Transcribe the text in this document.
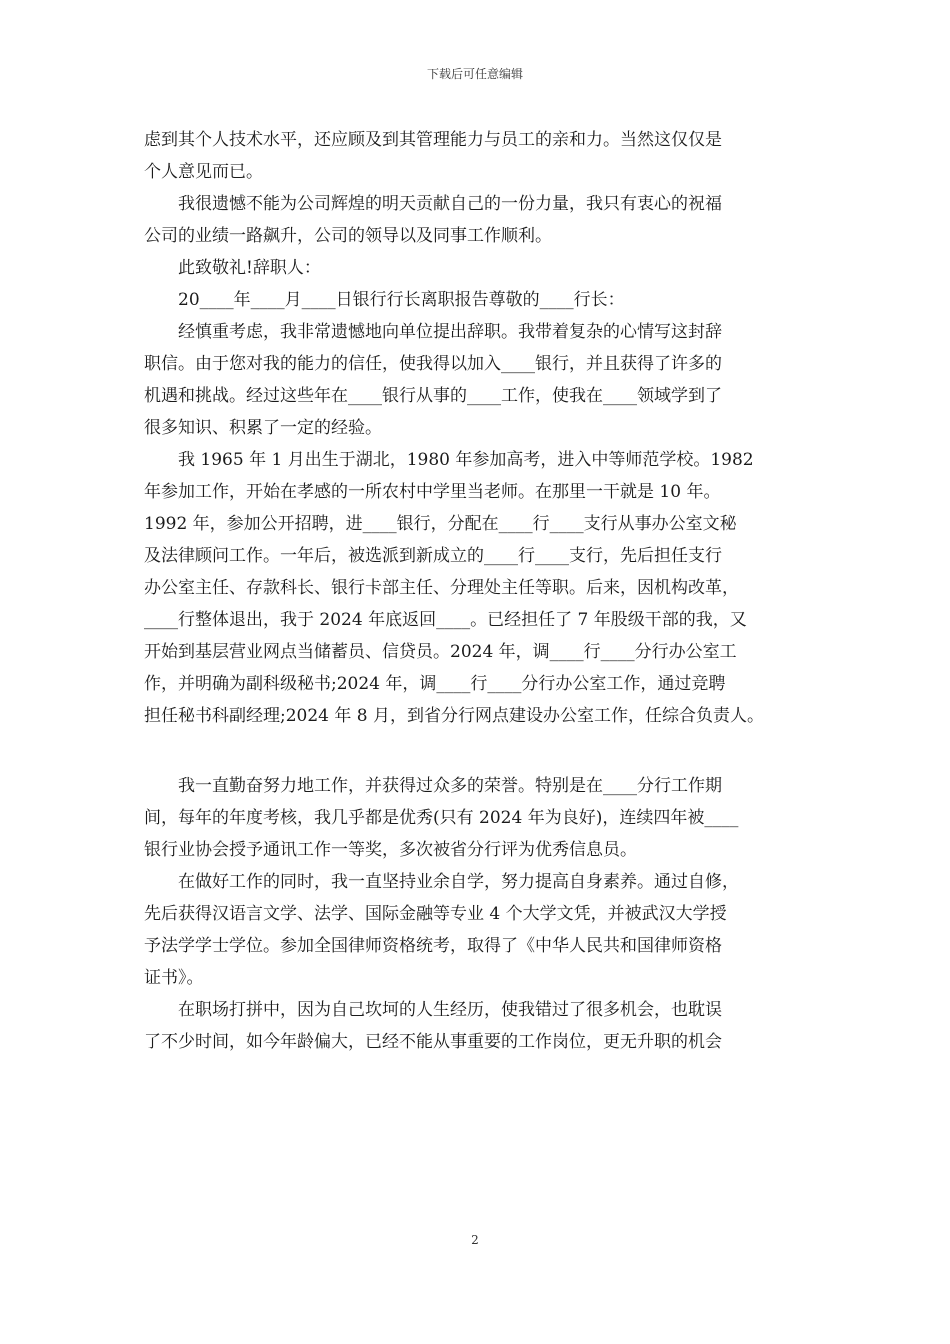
下载后可任意编辑
虑到其个人技术水平，还应顾及到其管理能力与员工的亲和力。当然这仅仅是
个人意见而已。
　　我很遗憾不能为公司辉煌的明天贡献自己的一份力量，我只有衷心的祝福
公司的业绩一路飙升，公司的领导以及同事工作顺利。
　　此致敬礼!辞职人：
　　20____年____月____日银行行长离职报告尊敬的____行长：
　　经慎重考虑，我非常遗憾地向单位提出辞职。我带着复杂的心情写这封辞
职信。由于您对我的能力的信任，使我得以加入____银行，并且获得了许多的
机遇和挑战。经过这些年在____银行从事的____工作，使我在____领域学到了
很多知识、积累了一定的经验。
　　我 1965 年 1 月出生于湖北，1980 年参加高考，进入中等师范学校。1982
年参加工作，开始在孝感的一所农村中学里当老师。在那里一干就是 10 年。
1992 年，参加公开招聘，进____银行，分配在____行____支行从事办公室文秘
及法律顾问工作。一年后，被选派到新成立的____行____支行，先后担任支行
办公室主任、存款科长、银行卡部主任、分理处主任等职。后来，因机构改革，
____行整体退出，我于 2024 年底返回____。已经担任了 7 年股级干部的我，又
开始到基层营业网点当储蓄员、信贷员。2024 年，调____行____分行办公室工
作，并明确为副科级秘书;2024 年，调____行____分行办公室工作，通过竞聘
担任秘书科副经理;2024 年 8 月，到省分行网点建设办公室工作，任综合负责人。
　　我一直勤奋努力地工作，并获得过众多的荣誉。特别是在____分行工作期
间，每年的年度考核，我几乎都是优秀(只有 2024 年为良好)，连续四年被____
银行业协会授予通讯工作一等奖，多次被省分行评为优秀信息员。
　　在做好工作的同时，我一直坚持业余自学，努力提高自身素养。通过自修，
先后获得汉语言文学、法学、国际金融等专业 4 个大学文凭，并被武汉大学授
予法学学士学位。参加全国律师资格统考，取得了《中华人民共和国律师资格
证书》。
　　在职场打拼中，因为自己坎坷的人生经历，使我错过了很多机会，也耽误
了不少时间，如今年龄偏大，已经不能从事重要的工作岗位，更无升职的机会
2
